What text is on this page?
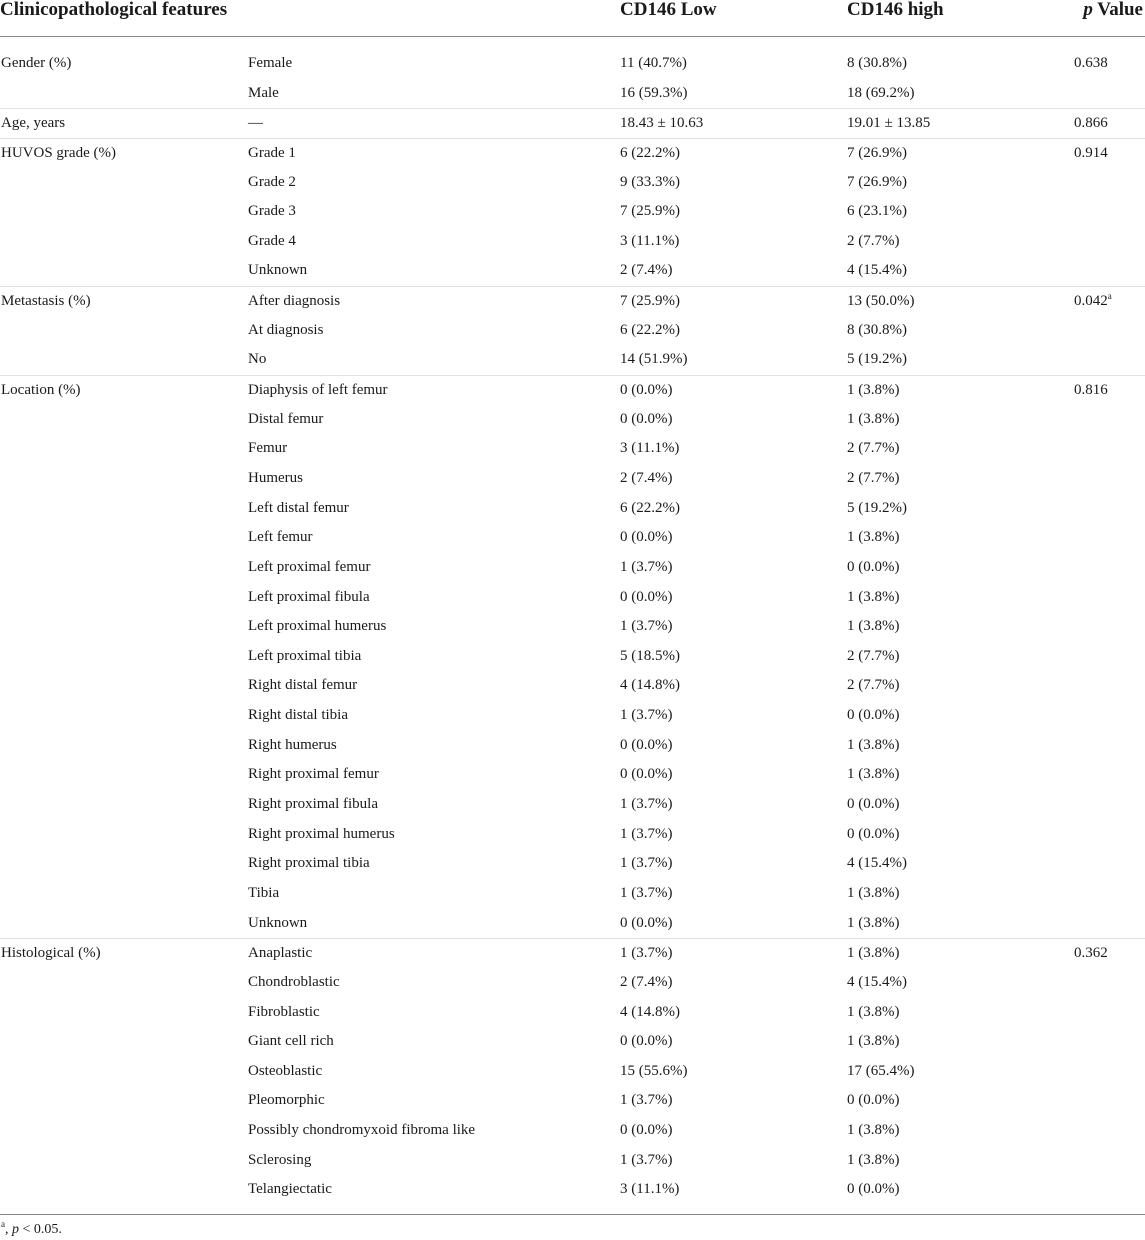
Clinicopathological features	CD146 Low	CD146 high	p Value
Gender (%)	Female	11 (40.7%)	8 (30.8%)	0.638
Male	16 (59.3%)	18 (69.2%)
Age, years	—	18.43 ± 10.63	19.01 ± 13.85	0.866
HUVOS grade (%)	Grade 1	6 (22.2%)	7 (26.9%)	0.914
Grade 2	9 (33.3%)	7 (26.9%)
Grade 3	7 (25.9%)	6 (23.1%)
Grade 4	3 (11.1%)	2 (7.7%)
Unknown	2 (7.4%)	4 (15.4%)
Metastasis (%)	After diagnosis	7 (25.9%)	13 (50.0%)	0.042$^a$
At diagnosis	6 (22.2%)	8 (30.8%)
No	14 (51.9%)	5 (19.2%)
Location (%)	Diaphysis of left femur	0 (0.0%)	1 (3.8%)	0.816
Distal femur	0 (0.0%)	1 (3.8%)
Femur	3 (11.1%)	2 (7.7%)
Humerus	2 (7.4%)	2 (7.7%)
Left distal femur	6 (22.2%)	5 (19.2%)
Left femur	0 (0.0%)	1 (3.8%)
Left proximal femur	1 (3.7%)	0 (0.0%)
Left proximal fibula	0 (0.0%)	1 (3.8%)
Left proximal humerus	1 (3.7%)	1 (3.8%)
Left proximal tibia	5 (18.5%)	2 (7.7%)
Right distal femur	4 (14.8%)	2 (7.7%)
Right distal tibia	1 (3.7%)	0 (0.0%)
Right humerus	0 (0.0%)	1 (3.8%)
Right proximal femur	0 (0.0%)	1 (3.8%)
Right proximal fibula	1 (3.7%)	0 (0.0%)
Right proximal humerus	1 (3.7%)	0 (0.0%)
Right proximal tibia	1 (3.7%)	4 (15.4%)
Tibia	1 (3.7%)	1 (3.8%)
Unknown	0 (0.0%)	1 (3.8%)
Histological (%)	Anaplastic	1 (3.7%)	1 (3.8%)	0.362
Chondroblastic	2 (7.4%)	4 (15.4%)
Fibroblastic	4 (14.8%)	1 (3.8%)
Giant cell rich	0 (0.0%)	1 (3.8%)
Osteoblastic	15 (55.6%)	17 (65.4%)
Pleomorphic	1 (3.7%)	0 (0.0%)
Possibly chondromyxoid fibroma like	0 (0.0%)	1 (3.8%)
Sclerosing	1 (3.7%)	1 (3.8%)
Telangiectatic	3 (11.1%)	0 (0.0%)
$^a$, p < 0.05.
